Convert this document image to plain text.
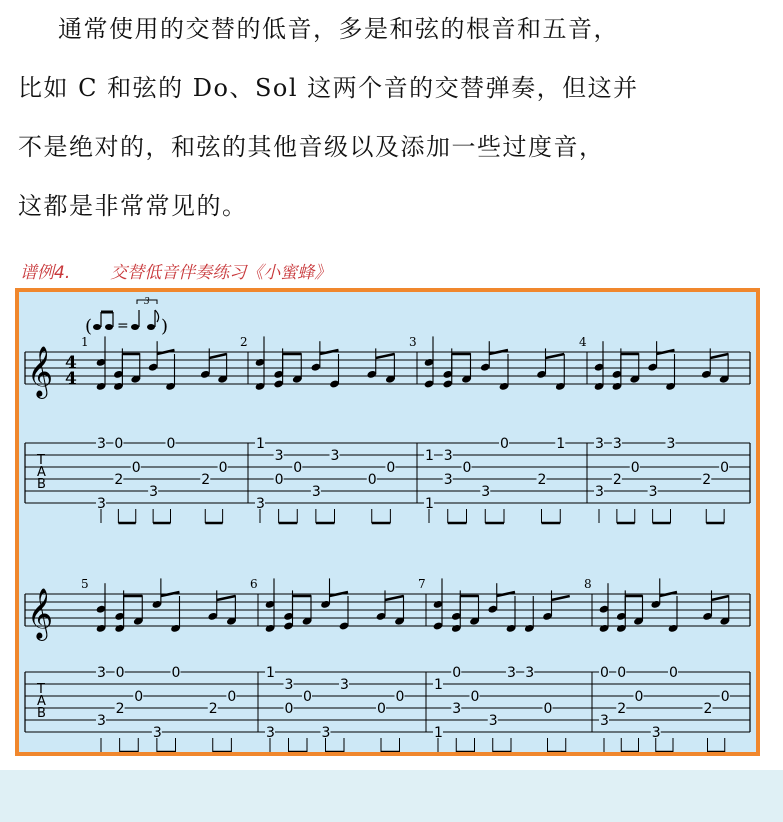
通常使用的交替的低音，多是和弦的根音和五音，
比如 C 和弦的 Do、Sol 这两个音的交替弹奏，但这并
不是绝对的，和弦的其他音级以及添加一些过度音，
这都是非常常见的。
谱例4. 交替低音伴奏练习《小蜜蜂》
( =
3
)
𝄞 4
4
T
A
B
1
3
3
2
0
0
3
0
2
0
2
3
1
3
0
0
3
3
0
0
3
1
1 3
3
0
3
0
2
1
4
3
3
2
3
0
3
3
2
0
𝄞
T
A
B
5
3
3
2
0
0
3
0
2
0
6
3
1
3
0
0
3
3
0
0
7
1
1
0
3
0
3
3 3
0
8
3
0
2
0
0
3
0
2
0
